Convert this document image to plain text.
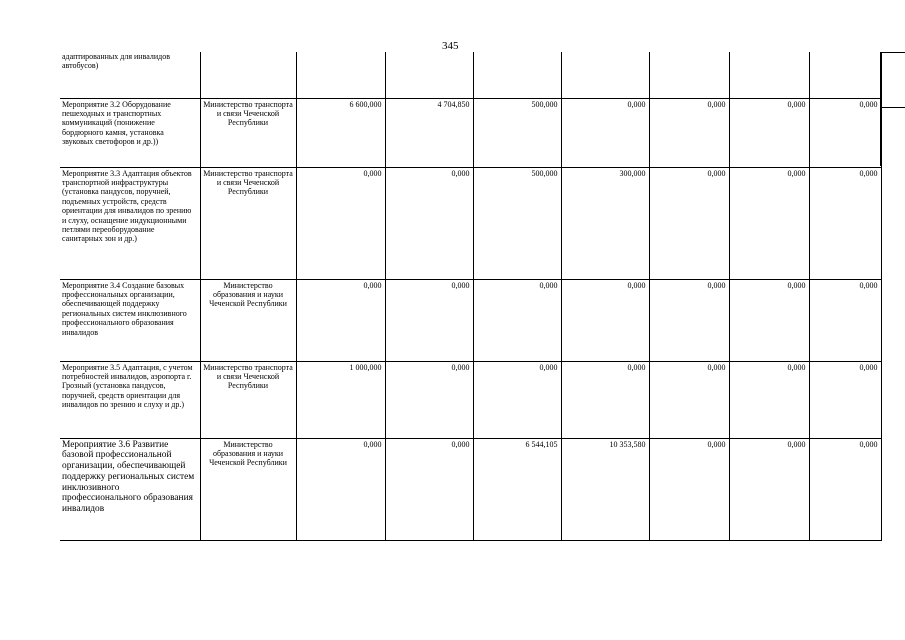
345
адаптированных для инвалидов автобусов)								
Мероприятие 3.2 Оборудование пешеходных и транспортных коммуникаций (понижение бордюрного камня, установка звуковых светофоров и др.))	Министерство транспорта и связи Чеченской Республики	6 600,000	4 704,850	500,000	0,000	0,000	0,000	0,000
Мероприятие 3.3 Адаптация объектов транспортной инфраструктуры (установка пандусов, поручней, подъемных устройств, средств ориентации для инвалидов по зрению и слуху, оснащение индукционными петлями переоборудование санитарных зон и др.)	Министерство транспорта и связи Чеченской Республики	0,000	0,000	500,000	300,000	0,000	0,000	0,000
Мероприятие 3.4 Создание базовых профессиональных организации, обеспечивающей поддержку региональных систем инклюзивного профессионального образования инвалидов	Министерство образования и науки Чеченской Республики	0,000	0,000	0,000	0,000	0,000	0,000	0,000
Мероприятие 3.5 Адаптация, с учетом потребностей инвалидов, аэропорта г. Грозный (установка пандусов, поручней, средств ориентации для инвалидов по зрению и слуху и др.)	Министерство транспорта и связи Чеченской Республики	1 000,000	0,000	0,000	0,000	0,000	0,000	0,000
Мероприятие 3.6 Развитие базовой профессиональной организации, обеспечивающей поддержку региональных систем инклюзивного профессионального образования инвалидов	Министерство образования и науки Чеченской Республики	0,000	0,000	6 544,105	10 353,580	0,000	0,000	0,000
